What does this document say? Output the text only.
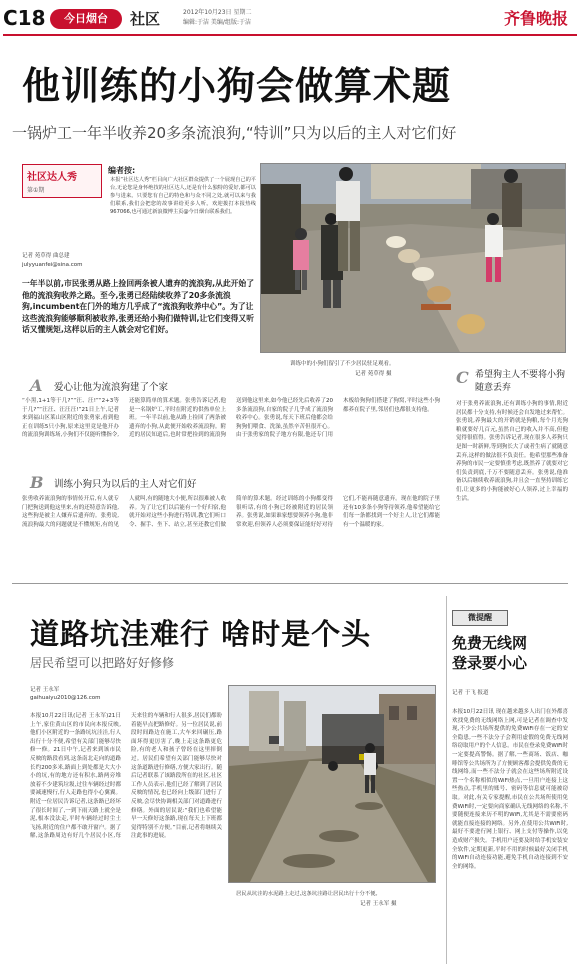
C18	今日烟台	社区	2012年10月23日 星期二
编辑:于洁 美编/组版:于洁	齐鲁晚报
他训练的小狗会做算术题
一锅炉工一年半收养20多条流浪狗,“特训”只为以后的主人对它们好
社区达人秀
第①期
编者按:
本报“社区达人秀”栏目向广大社区群众提供了一个展现自己的平台,无论您是身怀绝技的社区达人,还是有什么独特的爱好,都可以参与进来。只要您有自己的特色和与众不同之处,就可以来与我们联系,我们会把您的故事讲给更多人听。欢迎拨打本报热线967066,也可通过新浪微博主页@今日烟台联系我们。
记者 苑草得 曲总建
julyyuanfei@sina.com
一年半以前,市民张勇从路上捡回两条被人遗弃的流浪狗,从此开始了他的流浪狗收养之路。至今,张勇已经陆续收养了20多条流浪狗,incumbent在门外的地方几乎成了“流浪狗收养中心”。为了让这些流浪狗能够顺利被收养,张勇还给小狗们做特训,让它们变得又听话又懂规矩,这样以后的主人就会对它们好。
训练中的小狗们留引了不少居民驻足观看。
记者 苑草得 摄
A 爱心让他为流浪狗建了个家
“小黑,1+1等于几?”“汪、汪!”“2+3等于几?”“汪汪、汪汪汪!”21日上午,记者来到福山区莱山区附近的张勇家,看到他正在训练5只小狗,原来这里竟是他开办的流浪狗训练场,小狗们不仅能听懂指令,还能算简单的算术题。张勇告诉记者,他是一名锅炉工,平时在附近的供热单位上班。一年半以前,他从路上捡回了两条被遗弃的小狗,从此便开始收养流浪狗。附近的居民知道后,也时常把捡到的流浪狗送到他这里来,如今他已经先后收养了20多条流浪狗,自家的院子几乎成了流浪狗收养中心。张勇说,每天下班后他都会给狗狗们喂食、洗澡,虽然辛苦但很开心。由于张勇家的院子地方有限,他还专门用木板给狗狗们搭建了狗窝,平时这些小狗都养在院子里,邻居们也都很支持他。
B 训练小狗只为以后的主人对它们好
张勇收养流浪狗的事情传开后,有人就专门把狗送到他这里来,有的还特意告诉他,这些狗是被主人嫌弃后遗弃的。张勇说,流浪狗最大的问题就是不懂规矩,有的见人就叫,有的随地大小便,所以很难被人收养。为了让它们以后能有一个好归宿,他就开始对这些小狗进行特训,教它们听口令、握手、坐下、站立,甚至还教它们做简单的算术题。经过训练的小狗都变得很听话,有的小狗已经被附近的居民领养。张勇说,如果谁家想要领养小狗,他非常欢迎,但领养人必须要保证能好好对待它们,不能再随意遗弃。现在他的院子里还有10多条小狗等待领养,他希望能给它们每一条都找到一个好主人,让它们都能有一个温暖的家。
C 希望狗主人不要将小狗随意丢弃
对于张勇养流浪狗,还有训练小狗的事情,附近居民都十分支持,有时候还会自发地过来帮忙。张勇说,养狗最大的开销就是狗粮,每个月光狗粮就要好几百元,虽然自己的收入并不高,但他觉得很值得。张勇告诉记者,现在很多人养狗只是图一时新鲜,等到狗长大了或者生病了就随意丢弃,这样的做法很不负责任。他希望那些准备养狗的市民一定要慎重考虑,既然养了就要对它们负责到底,千万不要随意丢弃。张勇说,他准备以后继续收养流浪狗,并且会一直坚持训练它们,让更多的小狗能被好心人领养,过上幸福的生活。
道路坑洼难行 啥时是个头
居民希望可以把路好好修修
记者 王永军
gaihuaiyu2010@126.com
本报10月22日讯(记者 王永军)21日上午,家住黄山区的市民向本报反映,他们小区附近的一条路坑坑洼洼,行人出行十分不便,希望有关部门能够尽快修一修。21日中午,记者来到该市民反映的路段看到,这条南北走向的道路长约200多米,路面上到处都是大大小小的坑,有的地方还有积水,路两旁堆放着不少建筑垃圾,过往车辆经过时都要减速慢行,行人走路也得小心翼翼。附近一位居民告诉记者,这条路已经坏了很长时间了,一到下雨天路上就全是泥,根本没法走,平时车辆经过时尘土飞扬,附近的住户都不敢开窗户。据了解,这条路周边有好几个居民小区,每天来往的车辆和行人很多,居民们都盼着能早点把路修好。另一位居民说,前段时间路边在施工,大车来回碾压,路面坏得更厉害了,晚上走这条路更危险,有的老人和孩子曾经在这里摔倒过。居民们希望有关部门能够尽快对这条道路进行修缮,方便大家出行。随后记者联系了该路段所在的社区,社区工作人员表示,他们已经了解到了居民反映的情况,也已经向上级部门进行了反映,会尽快协调相关部门对道路进行修缮。外面的居民说:“我们也希望能早一天修好这条路,现在每天上下班都觉得特别不方便。”目前,记者将继续关注此事的进展。
居民从坑洼的水泥路上走过,这条坑洼路让居民出行十分不便。
记者 王永军 摄
微提醒
免费无线网
登录要小心
记者 于飞 报道
本报10月22日讯 现在越来越多人出门在外都喜欢找免费的无线网络上网,可是记者在调查中发现,不少公共场所提供的免费WiFi存在一定的安全隐患,一些不法分子会利用虚假的免费无线网络窃取用户的个人信息。市民在登录免费WiFi时一定要提高警惕。据了解,一些商场、饭店、咖啡馆等公共场所为了方便顾客都会提供免费的无线网络,而一些不法分子就会在这些场所附近设置一个名称相似的WiFi热点,一旦用户连接上这些热点,手机里的账号、密码等信息就可能被窃取。对此,有关专家提醒,市民在公共场所使用免费WiFi时,一定要向商家确认无线网络的名称,不要随便连接来历不明的WiFi,尤其是不需要密码就能直接连接的网络。另外,在使用公共WiFi时,最好不要进行网上银行、网上支付等操作,以免造成财产损失。手机用户还要及时给手机安装安全软件,定期更新,平时不用的时候最好关闭手机的WiFi自动连接功能,避免手机自动连接到不安全的网络。
